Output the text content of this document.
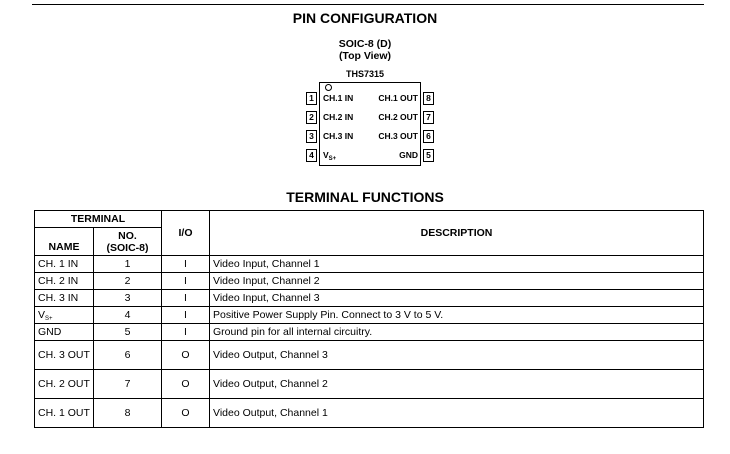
PIN CONFIGURATION
SOIC-8 (D)
(Top View)
THS7315
1	CH.1 IN
2	CH.2 IN
3	CH.3 IN
4	$V_{S+}$
8
CH.1 OUT
7
CH.2 OUT
6
CH.3 OUT
5
GND
TERMINAL FUNCTIONS
TERMINAL		I/O	DESCRIPTION
NAME	NO.
(SOIC-8)		
CH. 1 IN	1	I	Video Input, Channel 1
CH. 2 IN	2	I	Video Input, Channel 2
CH. 3 IN	3	I	Video Input, Channel 3
$V_{S+}$	4	I	Positive Power Supply Pin. Connect to 3 V to 5 V.
GND	5	I	Ground pin for all internal circuitry.
CH. 3 OUT	6	O	Video Output, Channel 3
CH. 2 OUT	7	O	Video Output, Channel 2
CH. 1 OUT	8	O	Video Output, Channel 1
